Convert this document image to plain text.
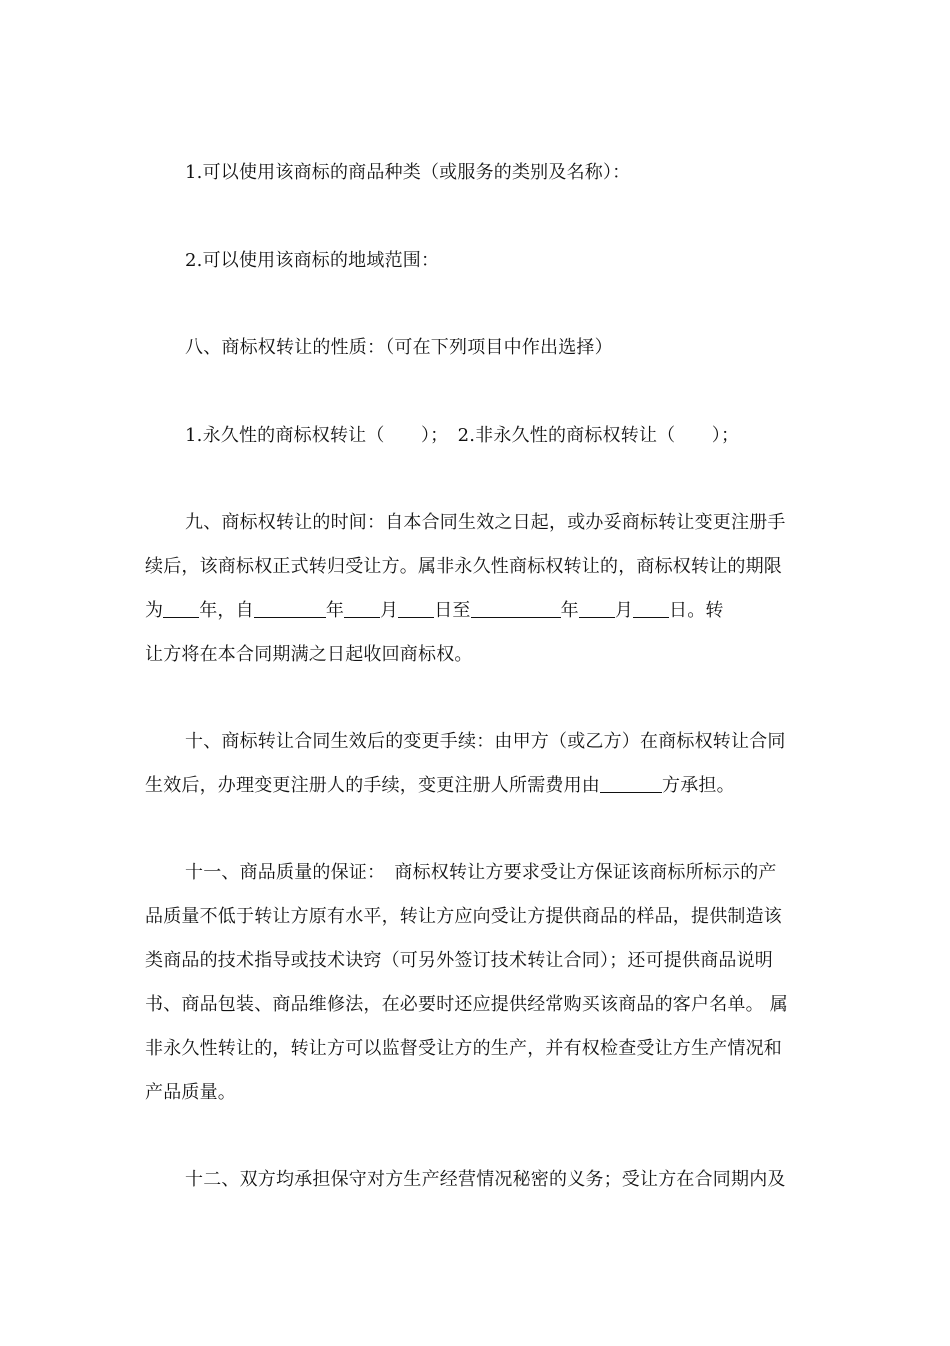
1.可以使用该商标的商品种类（或服务的类别及名称）：
2.可以使用该商标的地域范围：
八、商标权转让的性质：（可在下列项目中作出选择）
1.永久性的商标权转让（　　）；　2.非永久性的商标权转让（　　）；
九、商标权转让的时间：自本合同生效之日起，或办妥商标转让变更注册手
续后，该商标权正式转归受让方。属非永久性商标权转让的，商标权转让的期限
为 年，自	年 月 日至	年 月 日。转
让方将在本合同期满之日起收回商标权。
十、商标转让合同生效后的变更手续：由甲方（或乙方）在商标权转让合同
生效后，办理变更注册人的手续，变更注册人所需费用由	方承担。
十一、商品质量的保证：　商标权转让方要求受让方保证该商标所标示的产
品质量不低于转让方原有水平，转让方应向受让方提供商品的样品，提供制造该
类商品的技术指导或技术诀窍（可另外签订技术转让合同）；还可提供商品说明
书、商品包装、商品维修法，在必要时还应提供经常购买该商品的客户名单。 属
非永久性转让的，转让方可以监督受让方的生产，并有权检查受让方生产情况和
产品质量。
十二、双方均承担保守对方生产经营情况秘密的义务；受让方在合同期内及
